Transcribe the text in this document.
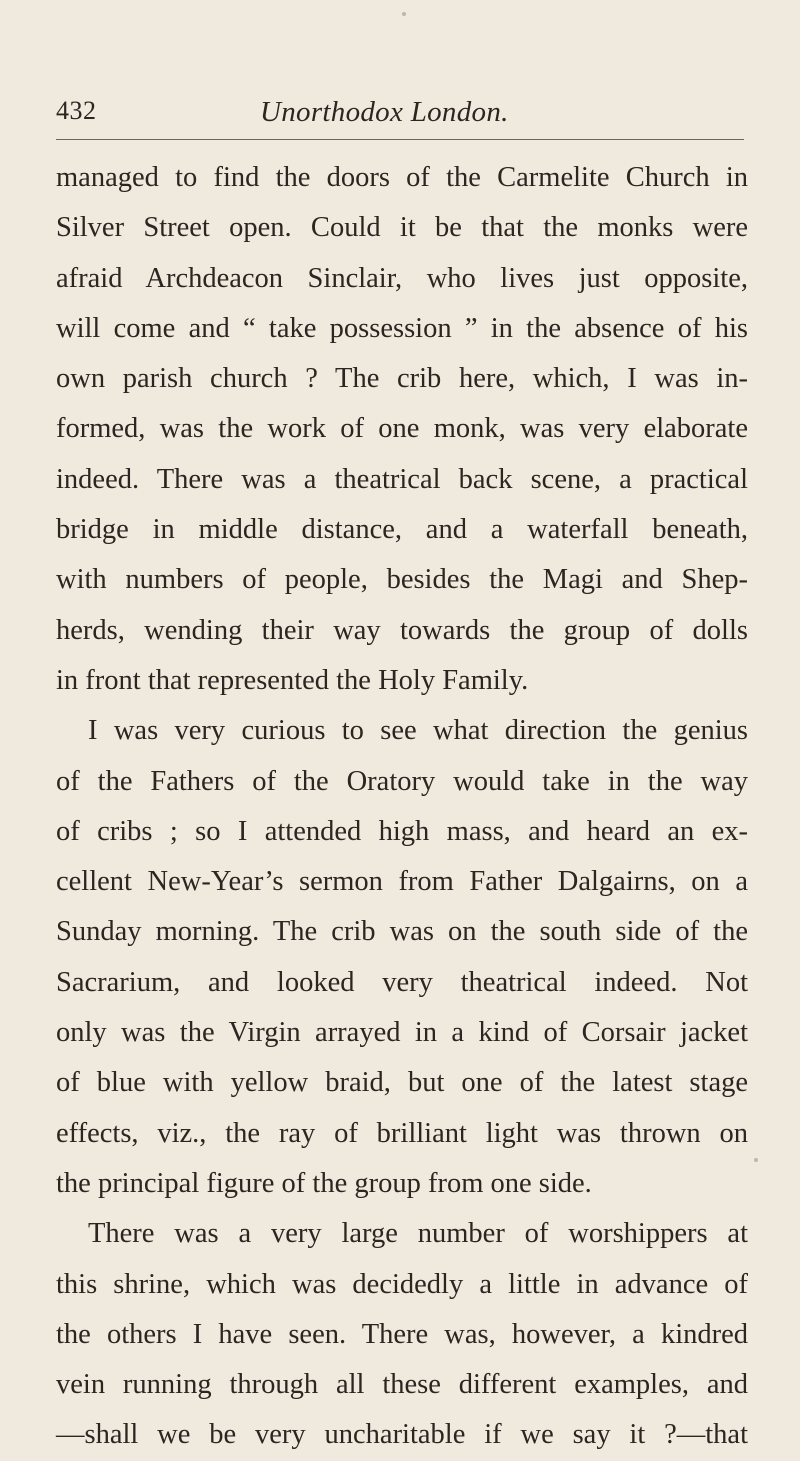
432	Unorthodox London.
managed to find the doors of the Carmelite Church in
Silver Street open. Could it be that the monks were
afraid Archdeacon Sinclair, who lives just opposite,
will come and “ take possession ” in the absence of his
own parish church ? The crib here, which, I was in-
formed, was the work of one monk, was very elaborate
indeed. There was a theatrical back scene, a practical
bridge in middle distance, and a waterfall beneath,
with numbers of people, besides the Magi and Shep-
herds, wending their way towards the group of dolls
in front that represented the Holy Family.
I was very curious to see what direction the genius
of the Fathers of the Oratory would take in the way
of cribs ; so I attended high mass, and heard an ex-
cellent New-Year’s sermon from Father Dalgairns, on a
Sunday morning. The crib was on the south side of the
Sacrarium, and looked very theatrical indeed. Not
only was the Virgin arrayed in a kind of Corsair jacket
of blue with yellow braid, but one of the latest stage
effects, viz., the ray of brilliant light was thrown on
the principal figure of the group from one side.
There was a very large number of worshippers at
this shrine, which was decidedly a little in advance of
the others I have seen. There was, however, a kindred
vein running through all these different examples, and
—shall we be very uncharitable if we say it ?—that
